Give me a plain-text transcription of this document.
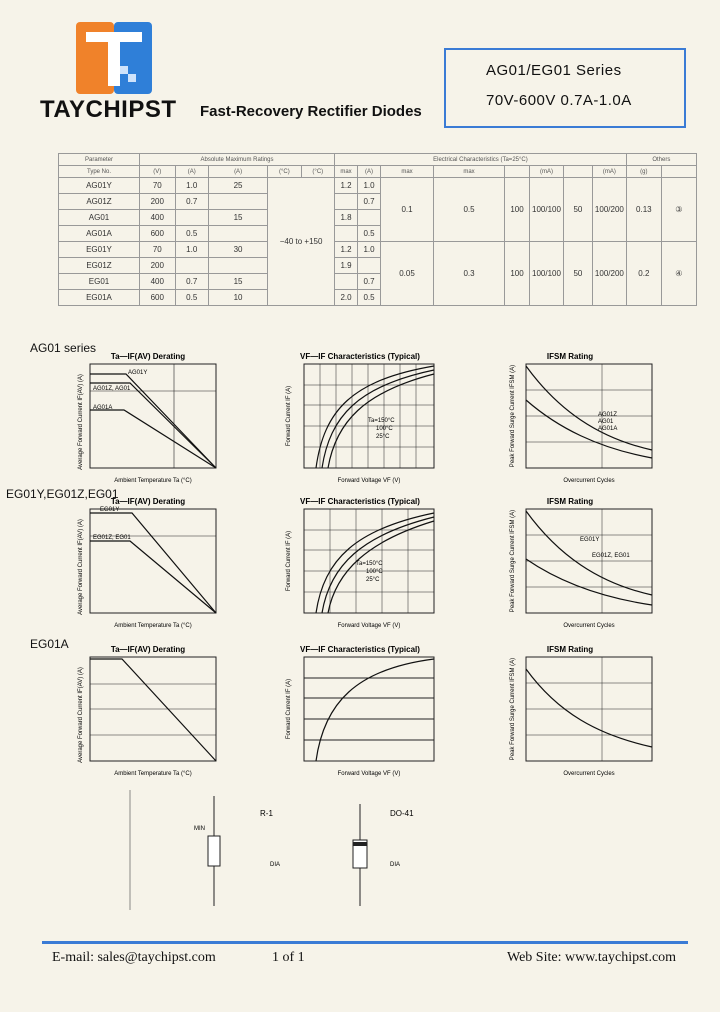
TAYCHIPST Fast-Recovery Rectifier Diodes
AG01/EG01 Series
70V-600V 0.7A-1.0A
Parameter	Absolute Maximum Ratings					Electrical Characteristics (Ta=25°C)								Others	
Type No.	(V)	(A)	(A)	(°C)	(°C)	max	(A)	max	max		(mA)		(mA)	(g)	
AG01Y	70	1.0	25	−40 to +150		1.2	1.0	0.1	0.5	100	100/100	50	100/200	0.13	③
AG01Z	200	0.7					0.7								
AG01	400		15			1.8									
AG01A	600	0.5					0.5								
EG01Y	70	1.0	30			1.2	1.0	0.05	0.3	100	100/100	50	100/200	0.2	④
EG01Z	200					1.9									
EG01	400	0.7	15				0.7								
EG01A	600	0.5	10			2.0	0.5								
AG01 series
EG01Y,EG01Z,EG01
EG01A
Ta—IF(AV) Derating
AG01Y
AG01Z, AG01
AG01A
Average Forward Current IF(AV) (A)
Ambient Temperature Ta (°C)
VF—IF Characteristics (Typical)
Ta=150°C
100°C
25°C
Forward Current IF (A)
Forward Voltage VF (V)
IFSM Rating
AG01Z
AG01
AG01A
Peak Forward Surge Current IFSM (A)
Overcurrent Cycles
Ta—IF(AV) Derating
EG01Y
EG01Z, EG01
Average Forward Current IF(AV) (A)
Ambient Temperature Ta (°C)
VF—IF Characteristics (Typical)
Ta=150°C
100°C
25°C
Forward Current IF (A)
Forward Voltage VF (V)
IFSM Rating
EG01Y
EG01Z, EG01
Peak Forward Surge Current IFSM (A)
Overcurrent Cycles
Ta—IF(AV) Derating
Average Forward Current IF(AV) (A)
Ambient Temperature Ta (°C)
VF—IF Characteristics (Typical)
Forward Current IF (A)
Forward Voltage VF (V)
IFSM Rating
Peak Forward Surge Current IFSM (A)
Overcurrent Cycles
R-1
MIN
DIA
DO-41
DIA
E-mail: sales@taychipst.com	1 of 1	Web Site: www.taychipst.com
